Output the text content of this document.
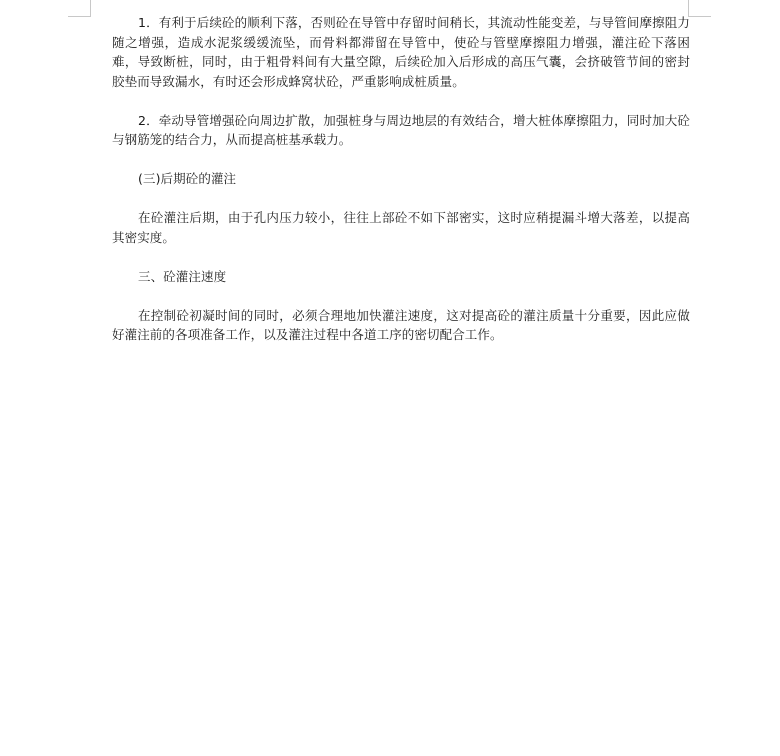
1．有利于后续砼的顺利下落，否则砼在导管中存留时间稍长，其流动性能变差，与导管间摩擦阻力随之增强，造成水泥浆缓缓流坠，而骨料都滞留在导管中，使砼与管壁摩擦阻力增强，灌注砼下落困难，导致断桩，同时，由于粗骨料间有大量空隙，后续砼加入后形成的高压气囊，会挤破管节间的密封胶垫而导致漏水，有时还会形成蜂窝状砼，严重影响成桩质量。

2．牵动导管增强砼向周边扩散，加强桩身与周边地层的有效结合，增大桩体摩擦阻力，同时加大砼与钢筋笼的结合力，从而提高桩基承载力。

(三)后期砼的灌注

在砼灌注后期，由于孔内压力较小，往往上部砼不如下部密实，这时应稍提漏斗增大落差，以提高其密实度。

三、砼灌注速度

在控制砼初凝时间的同时，必须合理地加快灌注速度，这对提高砼的灌注质量十分重要，因此应做好灌注前的各项准备工作，以及灌注过程中各道工序的密切配合工作。
